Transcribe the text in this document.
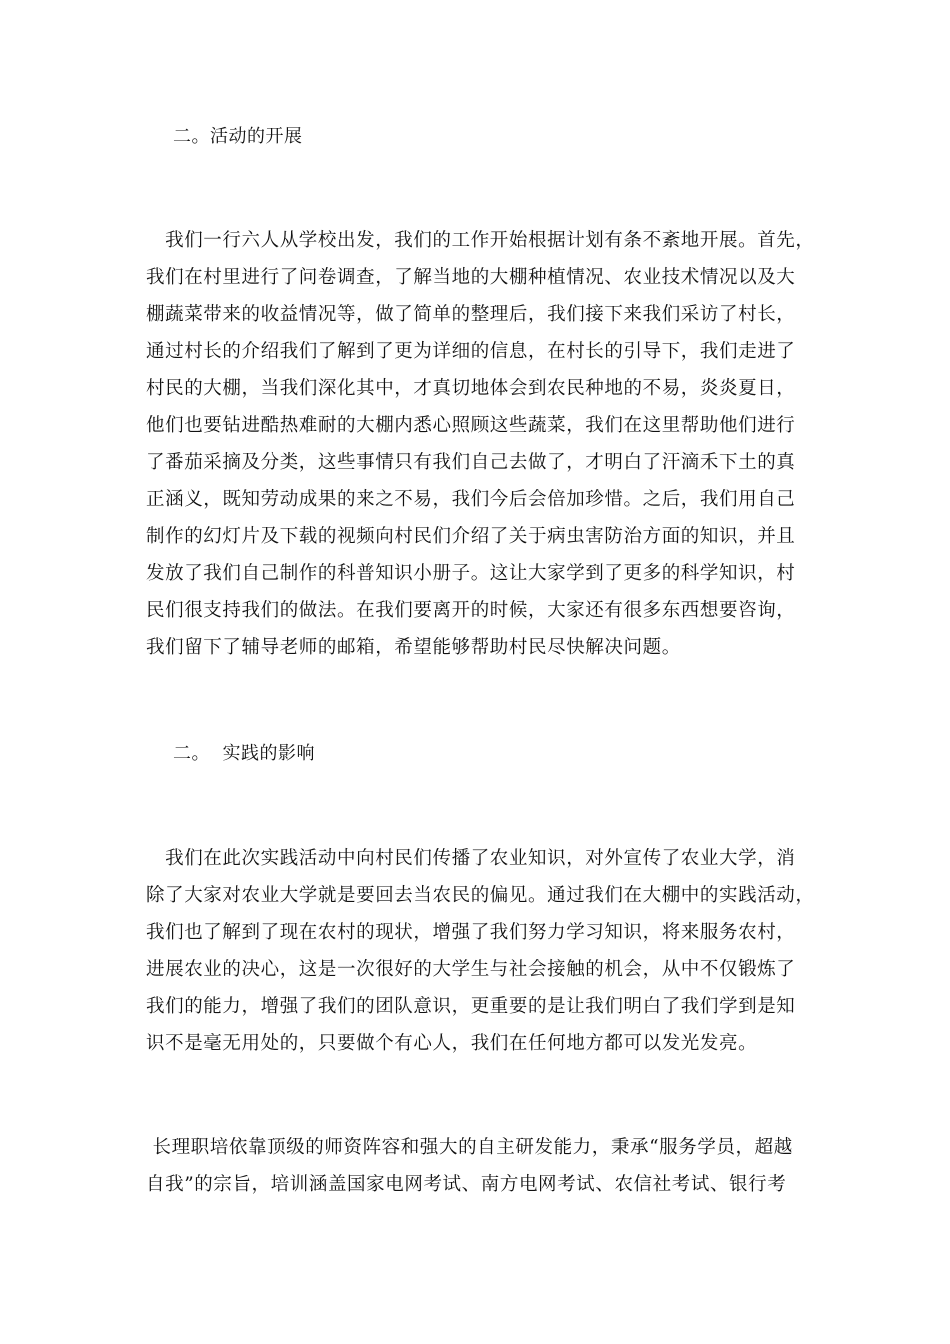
二。活动的开展
　我们一行六人从学校出发，我们的工作开始根据计划有条不紊地开展。首先，
我们在村里进行了问卷调查，了解当地的大棚种植情况、农业技术情况以及大
棚蔬菜带来的收益情况等，做了简单的整理后，我们接下来我们采访了村长，
通过村长的介绍我们了解到了更为详细的信息，在村长的引导下，我们走进了
村民的大棚，当我们深化其中，才真切地体会到农民种地的不易，炎炎夏日，
他们也要钻进酷热难耐的大棚内悉心照顾这些蔬菜，我们在这里帮助他们进行
了番茄采摘及分类，这些事情只有我们自己去做了，才明白了汗滴禾下土的真
正涵义，既知劳动成果的来之不易，我们今后会倍加珍惜。之后，我们用自己
制作的幻灯片及下载的视频向村民们介绍了关于病虫害防治方面的知识，并且
发放了我们自己制作的科普知识小册子。这让大家学到了更多的科学知识，村
民们很支持我们的做法。在我们要离开的时候，大家还有很多东西想要咨询，
我们留下了辅导老师的邮箱，希望能够帮助村民尽快解决问题。
二。  实践的影响
　我们在此次实践活动中向村民们传播了农业知识，对外宣传了农业大学，消
除了大家对农业大学就是要回去当农民的偏见。通过我们在大棚中的实践活动，
我们也了解到了现在农村的现状，增强了我们努力学习知识，将来服务农村，
进展农业的决心，这是一次很好的大学生与社会接触的机会，从中不仅锻炼了
我们的能力，增强了我们的团队意识，更重要的是让我们明白了我们学到是知
识不是毫无用处的，只要做个有心人，我们在任何地方都可以发光发亮。
长理职培依靠顶级的师资阵容和强大的自主研发能力，秉承“服务学员，超越
自我”的宗旨，培训涵盖国家电网考试、南方电网考试、农信社考试、银行考
